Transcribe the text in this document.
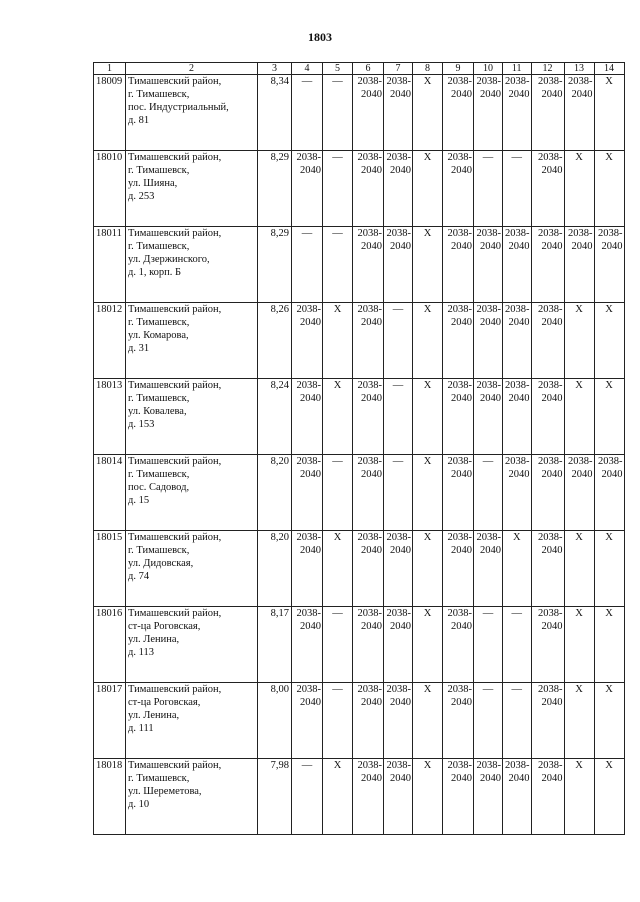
1803
1	2	3	4	5	6	7	8	9	10	11	12	13	14
18009	Тимашевский район,
г. Тимашевск,
пос. Индустриальный,
д. 81	8,34	—	—	2038-2040	2038-2040	X	2038-2040	2038-2040	2038-2040	2038-2040	2038-2040	X
18010	Тимашевский район,
г. Тимашевск,
ул. Шияна,
д. 253	8,29	2038-2040	—	2038-2040	2038-2040	X	2038-2040	—	—	2038-2040	X	X
18011	Тимашевский район,
г. Тимашевск,
ул. Дзержинского,
д. 1, корп. Б	8,29	—	—	2038-2040	2038-2040	X	2038-2040	2038-2040	2038-2040	2038-2040	2038-2040	2038-2040
18012	Тимашевский район,
г. Тимашевск,
ул. Комарова,
д. 31	8,26	2038-2040	X	2038-2040	—	X	2038-2040	2038-2040	2038-2040	2038-2040	X	X
18013	Тимашевский район,
г. Тимашевск,
ул. Ковалева,
д. 153	8,24	2038-2040	X	2038-2040	—	X	2038-2040	2038-2040	2038-2040	2038-2040	X	X
18014	Тимашевский район,
г. Тимашевск,
пос. Садовод,
д. 15	8,20	2038-2040	—	2038-2040	—	X	2038-2040	—	2038-2040	2038-2040	2038-2040	2038-2040
18015	Тимашевский район,
г. Тимашевск,
ул. Дидовская,
д. 74	8,20	2038-2040	X	2038-2040	2038-2040	X	2038-2040	2038-2040	X	2038-2040	X	X
18016	Тимашевский район,
ст-ца Роговская,
ул. Ленина,
д. 113	8,17	2038-2040	—	2038-2040	2038-2040	X	2038-2040	—	—	2038-2040	X	X
18017	Тимашевский район,
ст-ца Роговская,
ул. Ленина,
д. 111	8,00	2038-2040	—	2038-2040	2038-2040	X	2038-2040	—	—	2038-2040	X	X
18018	Тимашевский район,
г. Тимашевск,
ул. Шереметова,
д. 10	7,98	—	X	2038-2040	2038-2040	X	2038-2040	2038-2040	2038-2040	2038-2040	X	X
